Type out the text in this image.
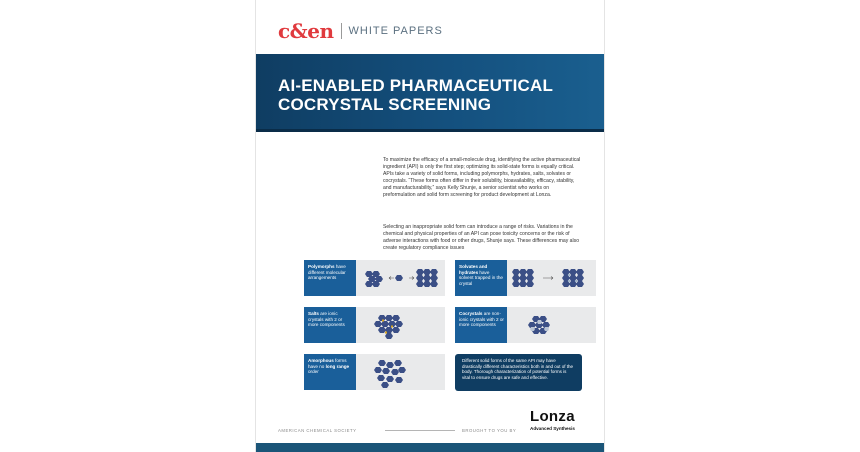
c&en WHITE PAPERS
AI-ENABLED PHARMACEUTICAL
COCRYSTAL SCREENING

To maximize the efficacy of a small-molecule drug, identifying the active pharmaceutical ingredient (API) is only the first step; optimizing its solid-state forms is equally critical. APIs take a variety of solid forms, including polymorphs, hydrates, salts, solvates or cocrystals. “These forms often differ in their solubility, bioavailability, efficacy, stability, and manufacturability,” says Kelly Shunje, a senior scientist who works on preformulation and solid form screening for product development at Lonza.

Selecting an inappropriate solid form can introduce a range of risks. Variations in the chemical and physical properties of an API can pose toxicity concerns or the risk of adverse interactions with food or other drugs, Shunje says. These differences may also create regulatory compliance issues

Polymorphs have different molecular arrangements
Solvates and hydrates have solvent trapped in the crystal
Salts are ionic crystals with 2 or more components
Cocrystals are non-ionic crystals with 2 or more components
Amorphous forms have no long range order
Different solid forms of the same API may have drastically different characteristics both in and out of the body. Thorough characterization of potential forms is vital to ensure drugs are safe and effective.
AMERICAN CHEMICAL SOCIETY	BROUGHT TO YOU BY
Lonza
Advanced Synthesis
